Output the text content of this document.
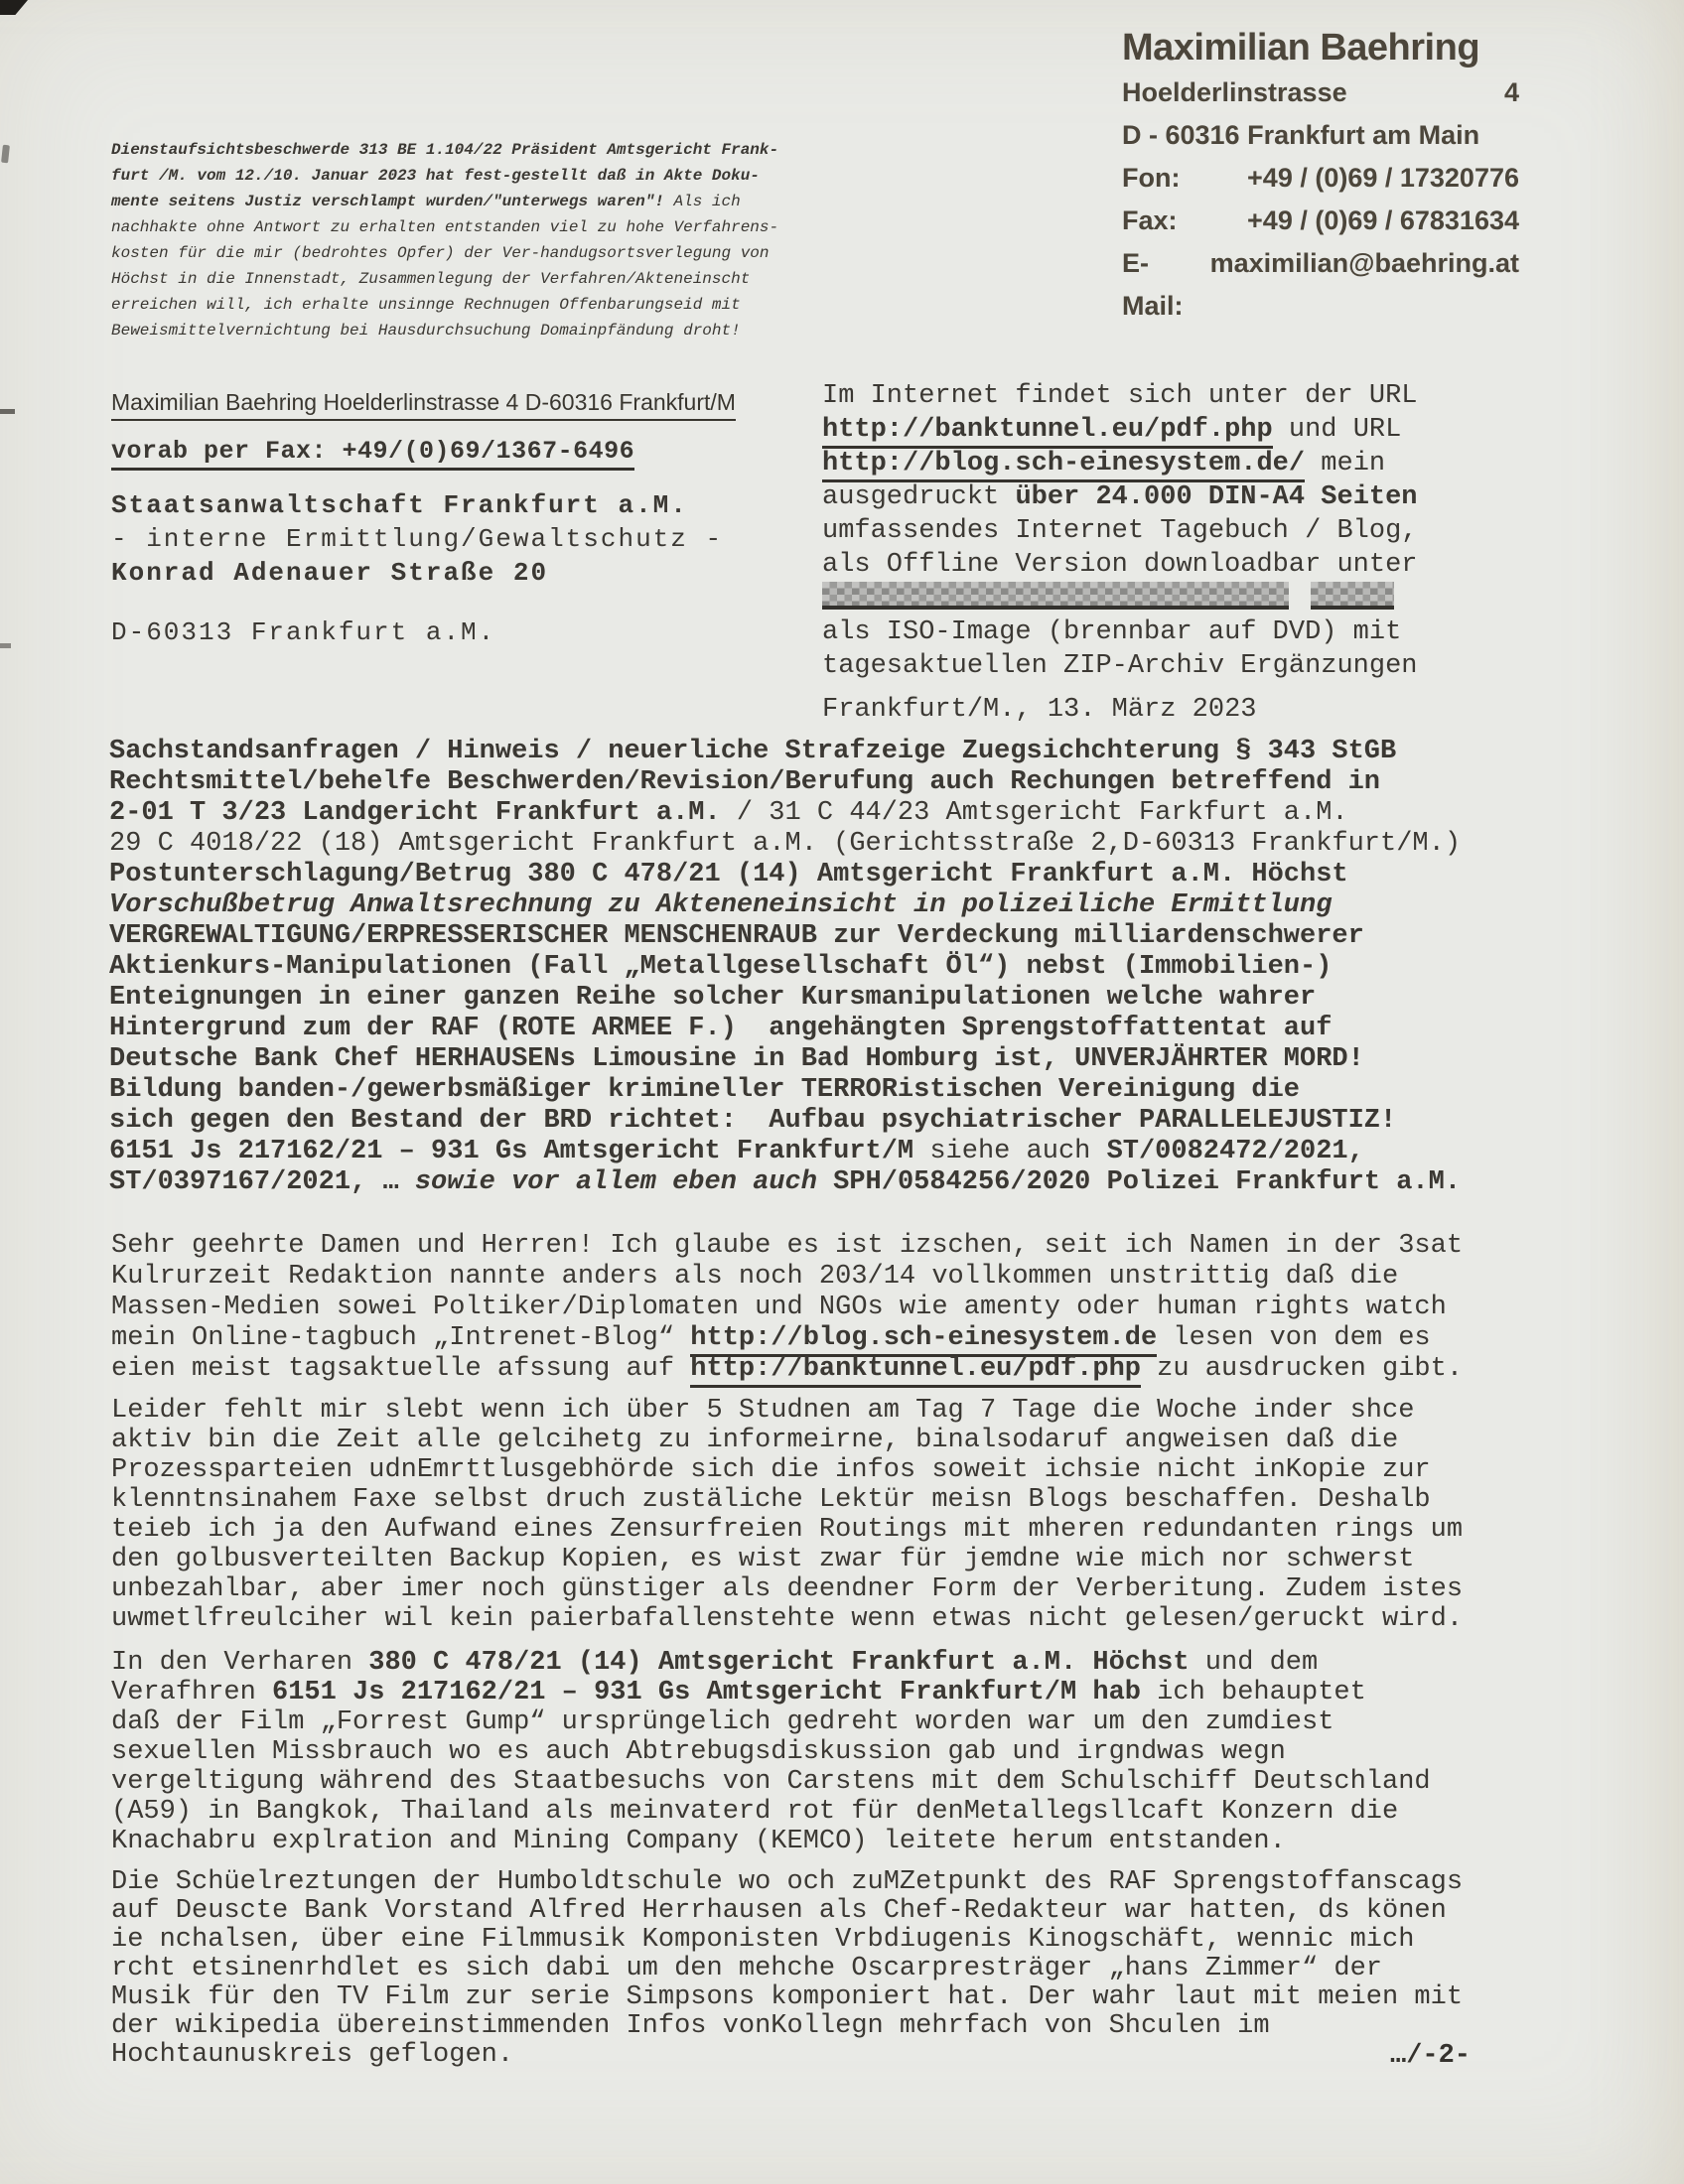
Maximilian Baehring
Hoelderlinstrasse	4
D - 60316 Frankfurt am Main
Fon:	+49 / (0)69 / 17320776
Fax:	+49 / (0)69 / 67831634
E-Mail:
maximilian@baehring.at
Dienstaufsichtsbeschwerde 313 BE 1.104/22 Präsident Amtsgericht Frank-
furt /M. vom 12./10. Januar 2023 hat fest-gestellt daß in Akte Doku-
mente seitens Justiz verschlampt wurden/"unterwegs waren"! Als ich
nachhakte ohne Antwort zu erhalten entstanden viel zu hohe Verfahrens-
kosten für die mir (bedrohtes Opfer) der Ver-handugsortsverlegung von
Höchst in die Innenstadt, Zusammenlegung der Verfahren/Akteneinscht
erreichen will, ich erhalte unsinnge Rechnugen Offenbarungseid mit
Beweismittelvernichtung bei Hausdurchsuchung Domainpfändung droht!
Maximilian Baehring Hoelderlinstrasse 4 D-60316 Frankfurt/M
vorab per Fax: +49/(0)69/1367-6496
Staatsanwaltschaft Frankfurt a.M.
- interne Ermittlung/Gewaltschutz -
Konrad Adenauer Straße 20
D-60313 Frankfurt a.M.
Im Internet findet sich unter der URL
http://banktunnel.eu/pdf.php und URL
http://blog.sch-einesystem.de/ mein
ausgedruckt über 24.000 DIN-A4 Seiten
umfassendes Internet Tagebuch / Blog,
als Offline Version downloadbar unter
als ISO-Image (brennbar auf DVD) mit
tagesaktuellen ZIP-Archiv Ergänzungen
Frankfurt/M., 13. März 2023
Sachstandsanfragen / Hinweis / neuerliche Strafzeige Zuegsichchterung § 343 StGB
Rechtsmittel/behelfe Beschwerden/Revision/Berufung auch Rechungen betreffend in
2-01 T 3/23 Landgericht Frankfurt a.M. / 31 C 44/23 Amtsgericht Farkfurt a.M.
29 C 4018/22 (18) Amtsgericht Frankfurt a.M. (Gerichtsstraße 2,D-60313 Frankfurt/M.)
Postunterschlagung/Betrug 380 C 478/21 (14) Amtsgericht Frankfurt a.M. Höchst
Vorschußbetrug Anwaltsrechnung zu Akteneneinsicht in polizeiliche Ermittlung
VERGREWALTIGUNG/ERPRESSERISCHER MENSCHENRAUB zur Verdeckung milliardenschwerer
Aktienkurs-Manipulationen (Fall „Metallgesellschaft Öl“) nebst (Immobilien-)
Enteignungen in einer ganzen Reihe solcher Kursmanipulationen welche wahrer
Hintergrund zum der RAF (ROTE ARMEE F.)  angehängten Sprengstoffattentat auf
Deutsche Bank Chef HERHAUSENs Limousine in Bad Homburg ist, UNVERJÄHRTER MORD!
Bildung banden-/gewerbsmäßiger krimineller TERRORistischen Vereinigung die
sich gegen den Bestand der BRD richtet:  Aufbau psychiatrischer PARALLELEJUSTIZ!
6151 Js 217162/21 – 931 Gs Amtsgericht Frankfurt/M siehe auch ST/0082472/2021,
ST/0397167/2021, … sowie vor allem eben auch SPH/0584256/2020 Polizei Frankfurt a.M.
Sehr geehrte Damen und Herren! Ich glaube es ist izschen, seit ich Namen in der 3sat
Kulrurzeit Redaktion nannte anders als noch 203/14 vollkommen unstrittig daß die
Massen-Medien sowei Poltiker/Diplomaten und NGOs wie amenty oder human rights watch
mein Online-tagbuch „Intrenet-Blog“ http://blog.sch-einesystem.de lesen von dem es
eien meist tagsaktuelle afssung auf http://banktunnel.eu/pdf.php zu ausdrucken gibt.
Leider fehlt mir slebt wenn ich über 5 Studnen am Tag 7 Tage die Woche inder shce
aktiv bin die Zeit alle gelcihetg zu informeirne, binalsodaruf angweisen daß die
Prozessparteien udnEmrttlusgebhörde sich die infos soweit ichsie nicht inKopie zur
klenntnsinahem Faxe selbst druch zustäliche Lektür meisn Blogs beschaffen. Deshalb
teieb ich ja den Aufwand eines Zensurfreien Routings mit mheren redundanten rings um
den golbusverteilten Backup Kopien, es wist zwar für jemdne wie mich nor schwerst
unbezahlbar, aber imer noch günstiger als deendner Form der Verberitung. Zudem istes
uwmetlfreulciher wil kein paierbafallenstehte wenn etwas nicht gelesen/geruckt wird.
In den Verharen 380 C 478/21 (14) Amtsgericht Frankfurt a.M. Höchst und dem
Verafhren 6151 Js 217162/21 – 931 Gs Amtsgericht Frankfurt/M hab ich behauptet
daß der Film „Forrest Gump“ ursprüngelich gedreht worden war um den zumdiest
sexuellen Missbrauch wo es auch Abtrebugsdiskussion gab und irgndwas wegn
vergeltigung während des Staatbesuchs von Carstens mit dem Schulschiff Deutschland
(A59) in Bangkok, Thailand als meinvaterd rot für denMetallegsllcaft Konzern die
Knachabru explration and Mining Company (KEMCO) leitete herum entstanden.
Die Schüelreztungen der Humboldtschule wo och zuMZetpunkt des RAF Sprengstoffanscags
auf Deuscte Bank Vorstand Alfred Herrhausen als Chef-Redakteur war hatten, ds könen
ie nchalsen, über eine Filmmusik Komponisten Vrbdiugenis Kinogschäft, wennic mich
rcht etsinenrhdlet es sich dabi um den mehche Oscarpresträger „hans Zimmer“ der
Musik für den TV Film zur serie Simpsons komponiert hat. Der wahr laut mit meien mit
der wikipedia übereinstimmenden Infos vonKollegn mehrfach von Shculen im
Hochtaunuskreis geflogen.	…/-2-
